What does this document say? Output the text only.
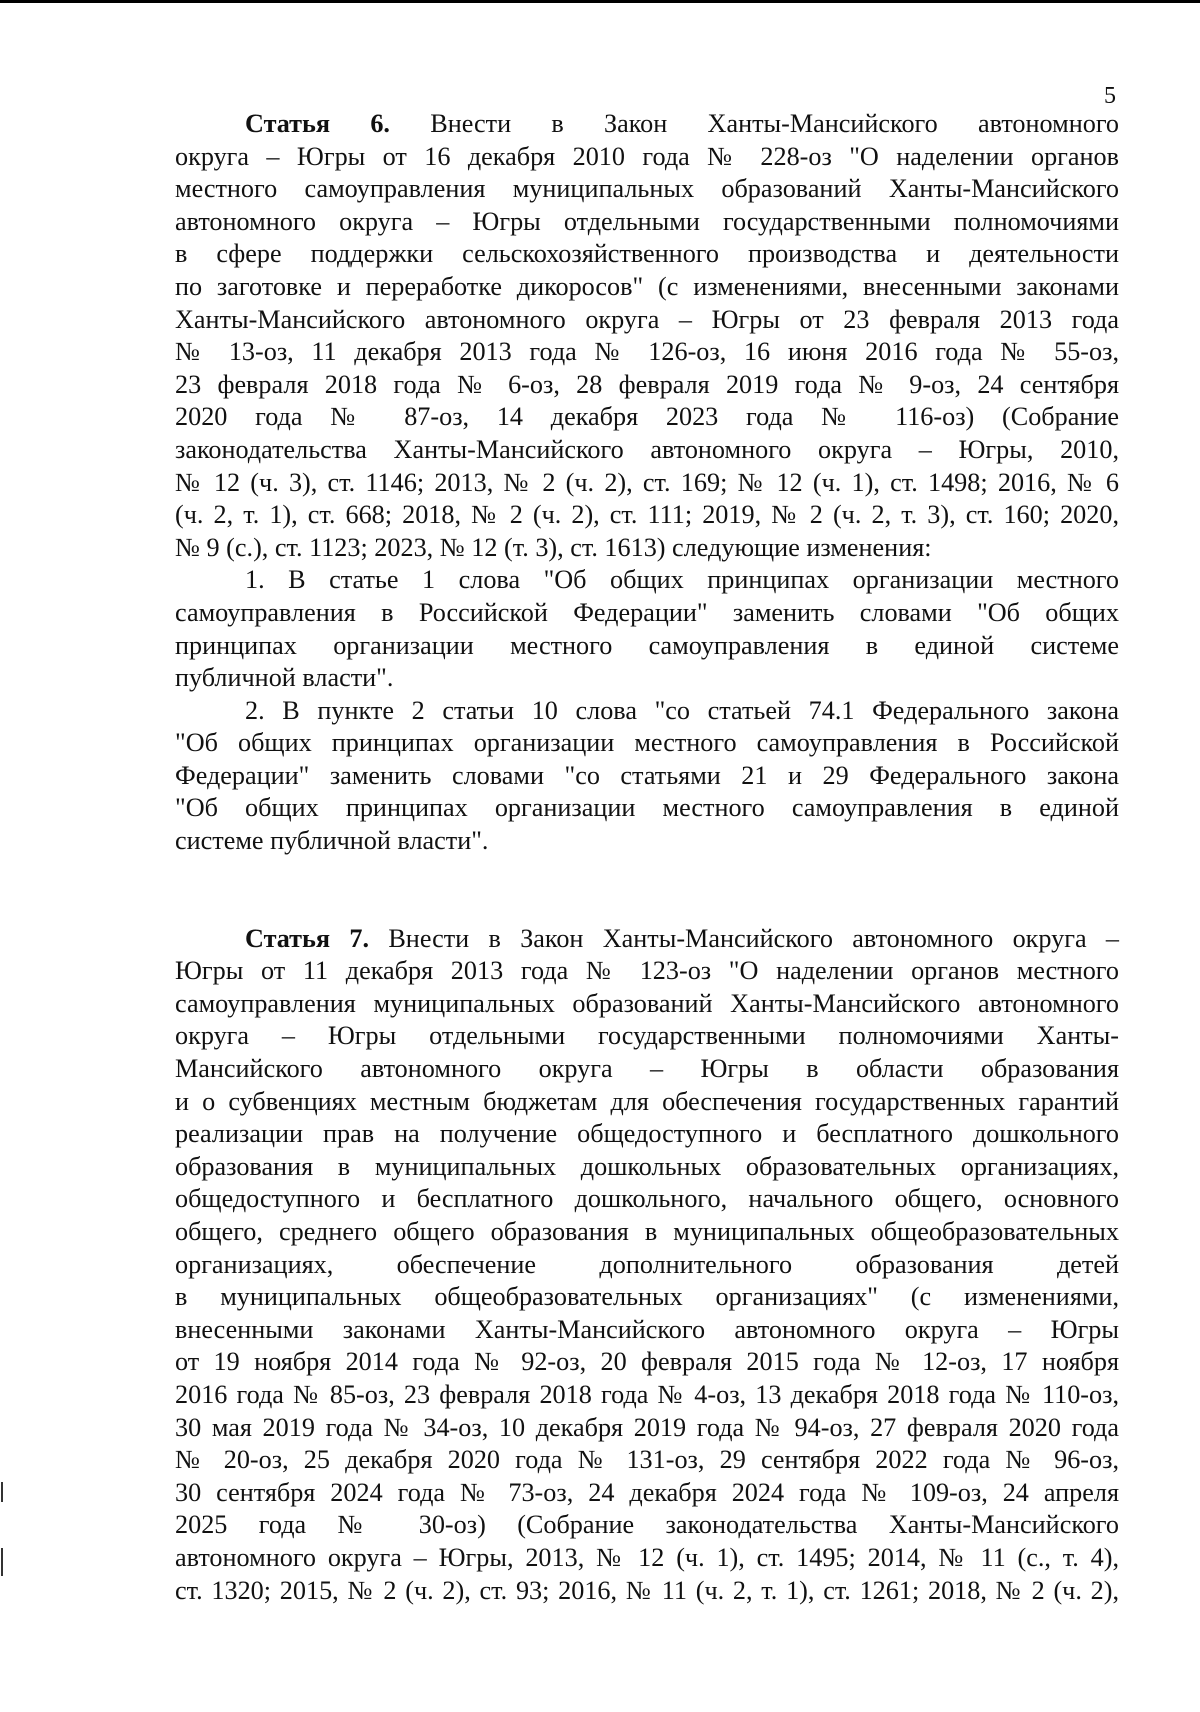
5
Статья 6. Внести в Закон Ханты-Мансийского автономного
округа – Югры от 16 декабря 2010 года № 228-оз "О наделении органов
местного самоуправления муниципальных образований Ханты-Мансийского
автономного округа – Югры отдельными государственными полномочиями
в сфере поддержки сельскохозяйственного производства и деятельности
по заготовке и переработке дикоросов" (с изменениями, внесенными законами
Ханты-Мансийского автономного округа – Югры от 23 февраля 2013 года
№ 13-оз, 11 декабря 2013 года № 126-оз, 16 июня 2016 года № 55-оз,
23 февраля 2018 года № 6-оз, 28 февраля 2019 года № 9-оз, 24 сентября
2020 года № 87-оз, 14 декабря 2023 года № 116-оз) (Собрание
законодательства Ханты-Мансийского автономного округа – Югры, 2010,
№ 12 (ч. 3), ст. 1146; 2013, № 2 (ч. 2), ст. 169; № 12 (ч. 1), ст. 1498; 2016, № 6
(ч. 2, т. 1), ст. 668; 2018, № 2 (ч. 2), ст. 111; 2019, № 2 (ч. 2, т. 3), ст. 160; 2020,
№ 9 (с.), ст. 1123; 2023, № 12 (т. 3), ст. 1613) следующие изменения:
1. В статье 1 слова "Об общих принципах организации местного
самоуправления в Российской Федерации" заменить словами "Об общих
принципах организации местного самоуправления в единой системе
публичной власти".
2. В пункте 2 статьи 10 слова "со статьей 74.1 Федерального закона
"Об общих принципах организации местного самоуправления в Российской
Федерации" заменить словами "со статьями 21 и 29 Федерального закона
"Об общих принципах организации местного самоуправления в единой
системе публичной власти".
Статья 7. Внести в Закон Ханты-Мансийского автономного округа –
Югры от 11 декабря 2013 года № 123-оз "О наделении органов местного
самоуправления муниципальных образований Ханты-Мансийского автономного
округа – Югры отдельными государственными полномочиями Ханты-
Мансийского автономного округа – Югры в области образования
и о субвенциях местным бюджетам для обеспечения государственных гарантий
реализации прав на получение общедоступного и бесплатного дошкольного
образования в муниципальных дошкольных образовательных организациях,
общедоступного и бесплатного дошкольного, начального общего, основного
общего, среднего общего образования в муниципальных общеобразовательных
организациях, обеспечение дополнительного образования детей
в муниципальных общеобразовательных организациях" (с изменениями,
внесенными законами Ханты-Мансийского автономного округа – Югры
от 19 ноября 2014 года № 92-оз, 20 февраля 2015 года № 12-оз, 17 ноября
2016 года № 85-оз, 23 февраля 2018 года № 4-оз, 13 декабря 2018 года № 110-оз,
30 мая 2019 года № 34-оз, 10 декабря 2019 года № 94-оз, 27 февраля 2020 года
№ 20-оз, 25 декабря 2020 года № 131-оз, 29 сентября 2022 года № 96-оз,
30 сентября 2024 года № 73-оз, 24 декабря 2024 года № 109-оз, 24 апреля
2025 года № 30-оз) (Собрание законодательства Ханты-Мансийского
автономного округа – Югры, 2013, № 12 (ч. 1), ст. 1495; 2014, № 11 (с., т. 4),
ст. 1320; 2015, № 2 (ч. 2), ст. 93; 2016, № 11 (ч. 2, т. 1), ст. 1261; 2018, № 2 (ч. 2),
